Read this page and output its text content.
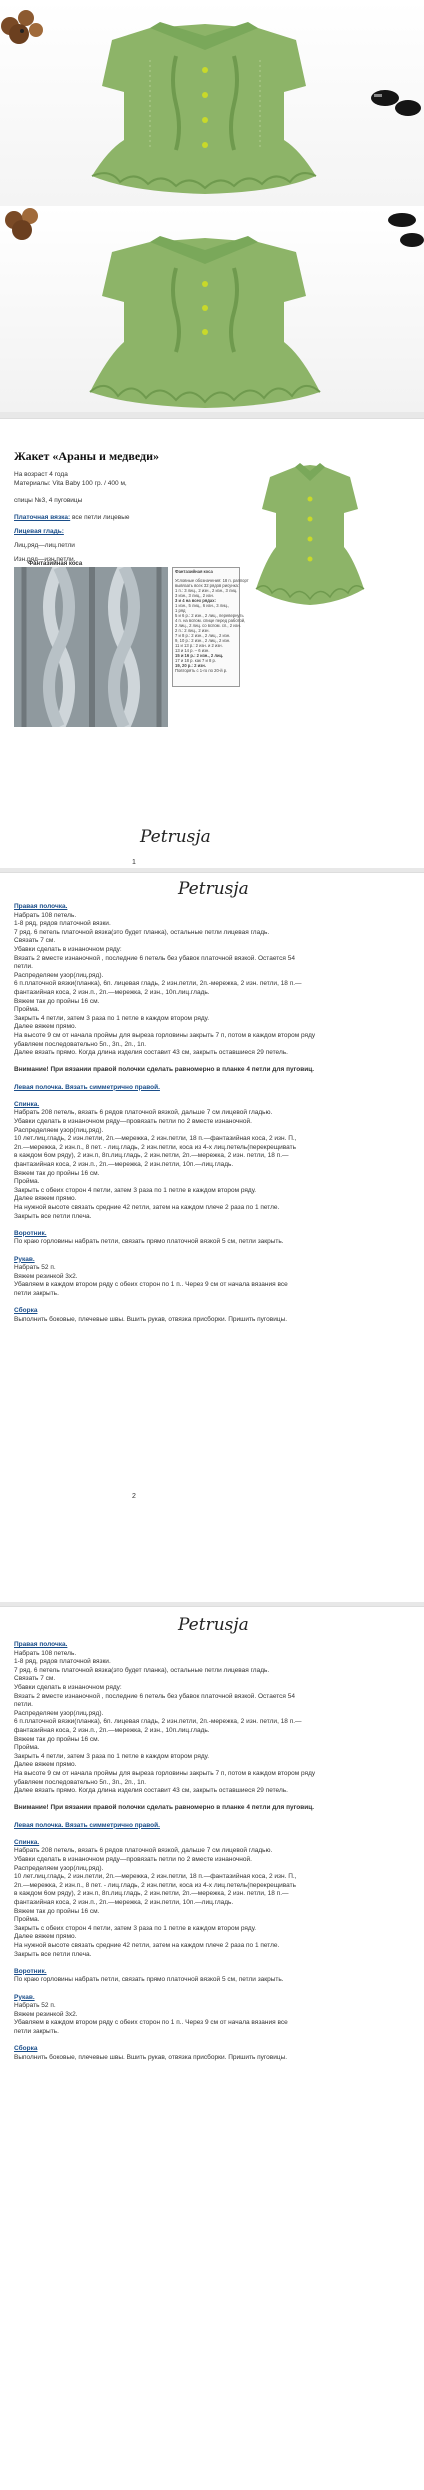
Жакет «Араны и медведи»
На возраст 4 года
Материалы: Vita Baby 100 гр. / 400 м,
спицы №3, 4 пуговицы
Платочная вязка: все петли лицевые
Лицевая гладь:
Лиц.ряд—лиц.петли
Изн.ряд—изн.петли.
Фантазийная коса
Фантазийная коса
Условные обозначения: 18 п. раппорт
вывязать всех 32 рядов рисунка:
1 п.: 3 лиц., 2 изн., 2 изн., 3 лиц.
3 изн., 3 лиц., 2 изн.
3 и 4 на всех рядах:
1 изн., 5 лиц., 6 изн., 3 лиц.,
1 ряд
5 и 6 р.: 2 изн., 2 лиц., перевернуть
4 п. на вспом. спице перед работой,
2 лиц., 2 лиц. со вспом. сп., 2 изн.
2 п.: 2 лиц., 2 изн.
7 и 8 р.: 2 изн., 2 лиц., 2 изн.
9, 10 р.: 2 изн., 2 лиц., 2 изн.
11 и 13 р.: 2 изн. и 2 изн.
13 и 14 р. – 6 изн.
15 и 16 р.: 2 изн., 2 лиц.
17 и 18 р. как 7 и 8 р.
19, 20 р.: 2 изн.
Повторять с 1-го по 20-й р.
Petrusja
1
Petrusja
Правая полочка.
Набрать 108 петель.
1-8 ряд, рядов платочной вязки.
7 ряд. 6 петель платочной вязка(это будет планка), остальные петли лицевая гладь.
Связать 7 см.
Убавки сделать в изнаночном ряду:
Вязать 2 вместе изнаночной , последние 6 петель без убавок платочной вязкой. Остается 54
петли.
Распределяем узор(лиц.ряд).
6 п.платочной вязки(планка), 6п. лицевая гладь, 2 изн.петли, 2п.-мережка, 2 изн. петли, 18 п.—
фантазийная коса, 2 изн.п., 2п.—мережка, 2 изн., 10п.лиц.гладь.
Вяжем так до пройны 16 см.
Пройма.
Закрыть 4 петли, затем 3 раза по 1 петле в каждом втором ряду.
Далее вяжем прямо.
На высоте 9 см от начала проймы для выреза горловины закрыть 7 п, потом в каждом втором ряду
убавляем последовательно 5п., 3п., 2п., 1п.
Далее вязать прямо. Когда длина изделия составит 43 см, закрыть оставшиеся 29 петель.
Внимание! При вязании правой полочки сделать равномерно в планке 4 петли для пуговиц.
Левая полочка. Вязать симметрично правой.
Спинка.
Набрать 208 петель, вязать 6 рядов платочной вязкой, дальше 7 см лицевой гладью.
Убавки сделать в изнаночном ряду—провязать петли по 2 вместе изнаночной.
Распределяем узор(лиц.ряд).
10 лет.лиц.гладь, 2 изн.петли, 2п.—мережка, 2 изн.петли, 18 п.—фантазийная коса, 2 изн. П.,
2п.—мережка, 2 изн.п., 8 пет. - лиц.гладь, 2 изн.петли, коса из 4-х лиц.петель(перекрещивать
в каждом 6ом ряду), 2 изн.п, 8п.лиц.гладь, 2 изн.петли, 2п.—мережка, 2 изн. петли, 18 п.—
фантазийная коса, 2 изн.п., 2п.—мережка, 2 изн.петли, 10п.—лиц.гладь.
Вяжем так до пройны 16 см.
Пройма.
Закрыть с обеих сторон 4 петли, затем 3 раза по 1 петле в каждом втором ряду.
Далее вяжем прямо.
На нужной высоте связать средние 42 петли, затем на каждом плече 2 раза по 1 петле.
Закрыть все петли плеча.
Воротник.
По краю горловины набрать петли, связать прямо платочной вязкой 5 см, петли закрыть.
Рукав.
Набрать 52 п.
Вяжем резинкой 3х2.
Убавляем в каждом втором ряду с обеих сторон по 1 п.. Через 9 см от начала вязания все
петли закрыть.
Сборка
Выполнить боковые, плечевые швы. Вшить рукав, отвязка присборки. Пришить пуговицы.
2
Petrusja
Правая полочка.
Набрать 108 петель.
1-8 ряд, рядов платочной вязки.
7 ряд. 6 петель платочной вязка(это будет планка), остальные петли лицевая гладь.
Связать 7 см.
Убавки сделать в изнаночном ряду:
Вязать 2 вместе изнаночной , последние 6 петель без убавок платочной вязкой. Остается 54
петли.
Распределяем узор(лиц.ряд).
6 п.платочной вязки(планка), 6п. лицевая гладь, 2 изн.петли, 2п.-мережка, 2 изн. петли, 18 п.—
фантазийная коса, 2 изн.п., 2п.—мережка, 2 изн., 10п.лиц.гладь.
Вяжем так до пройны 16 см.
Пройма.
Закрыть 4 петли, затем 3 раза по 1 петле в каждом втором ряду.
Далее вяжем прямо.
На высоте 9 см от начала проймы для выреза горловины закрыть 7 п, потом в каждом втором ряду
убавляем последовательно 5п., 3п., 2п., 1п.
Далее вязать прямо. Когда длина изделия составит 43 см, закрыть оставшиеся 29 петель.
Внимание! При вязании правой полочки сделать равномерно в планке 4 петли для пуговиц.
Левая полочка. Вязать симметрично правой.
Спинка.
Набрать 208 петель, вязать 6 рядов платочной вязкой, дальше 7 см лицевой гладью.
Убавки сделать в изнаночном ряду—провязать петли по 2 вместе изнаночной.
Распределяем узор(лиц.ряд).
10 лет.лиц.гладь, 2 изн.петли, 2п.—мережка, 2 изн.петли, 18 п.—фантазийная коса, 2 изн. П.,
2п.—мережка, 2 изн.п., 8 пет. - лиц.гладь, 2 изн.петли, коса из 4-х лиц.петель(перекрещивать
в каждом 6ом ряду), 2 изн.п, 8п.лиц.гладь, 2 изн.петли, 2п.—мережка, 2 изн. петли, 18 п.—
фантазийная коса, 2 изн.п., 2п.—мережка, 2 изн.петли, 10п.—лиц.гладь.
Вяжем так до пройны 16 см.
Пройма.
Закрыть с обеих сторон 4 петли, затем 3 раза по 1 петле в каждом втором ряду.
Далее вяжем прямо.
На нужной высоте связать средние 42 петли, затем на каждом плече 2 раза по 1 петле.
Закрыть все петли плеча.
Воротник.
По краю горловины набрать петли, связать прямо платочной вязкой 5 см, петли закрыть.
Рукав.
Набрать 52 п.
Вяжем резинкой 3х2.
Убавляем в каждом втором ряду с обеих сторон по 1 п.. Через 9 см от начала вязания все
петли закрыть.
Сборка
Выполнить боковые, плечевые швы. Вшить рукав, отвязка присборки. Пришить пуговицы.
